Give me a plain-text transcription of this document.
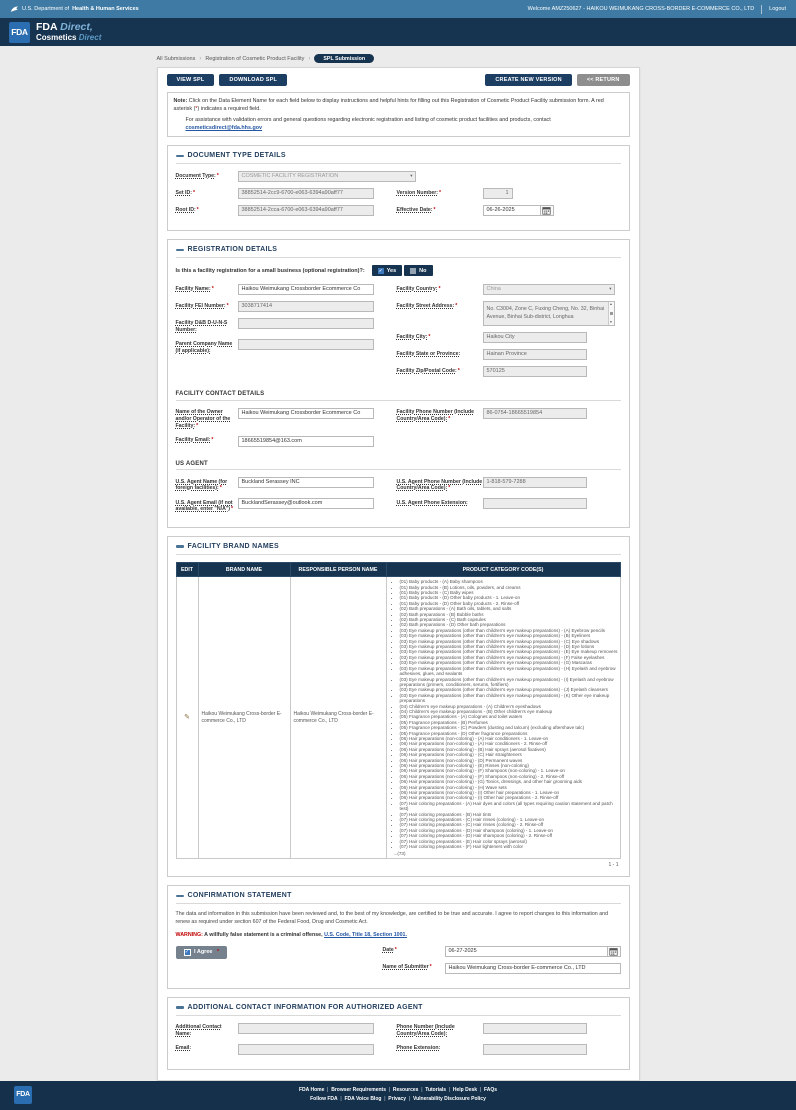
U.S. Department of Health & Human Services	Welcome AMZ250627 - HAIKOU WEIMUKANG CROSS-BORDER E-COMMERCE CO., LTD	Logout
FDA FDA Direct,
Cosmetics Direct
All Submissions › Registration of Cosmetic Product Facility ›	SPL Submission
VIEW SPL	DOWNLOAD SPL	CREATE NEW VERSION	<< RETURN
Note: Click on the Data Element Name for each field below to display instructions and helpful hints for filling out this Registration of Cosmetic Product Facility submission form. A red asterisk (*) indicates a required field.
For assistance with validation errors and general questions regarding electronic registration and listing of cosmetic product facilities and products, contact cosmeticsdirect@fda.hhs.gov
DOCUMENT TYPE DETAILS
Document Type:*	COSMETIC FACILITY REGISTRATION	▾
Set ID:*	38852514-2cc9-6700-e063-6394a90aff77
Root ID:*	38852514-2cca-6700-e063-6394a90aff77
Version Number:*	1
Effective Date:*	06-26-2025
REGISTRATION DETAILS
Is this a facility registration for a small business (optional registration)?:	✓ Yes	No
Facility Name:*	Haikou Weimukang Crossborder Ecommerce Co
Facility FEI Number:*	3038717414
Facility D&B D-U-N-S Number:
Parent Company Name (if applicable):
Facility Country:*	China	▾
Facility Street Address:*
No. C3004, Zone C, Fuxing Cheng, No. 32, Binhai Avenue, Binhai Sub-district, Longhua
▲
▼
Facility City:*	Haikou City
Facility State or Province:	Hainan Province
Facility Zip/Postal Code:*	570125
FACILITY CONTACT DETAILS
Name of the Owner and/or Operator of the Facility:*
Haikou Weimukang Crossborder Ecommerce Co
Facility Email:*	18665519854@163.com
Facility Phone Number (Include Country/Area Code):*
86-0754-18665519854
US AGENT
U.S. Agent Name (for foreign facilities):*
Buckland Serassey INC
U.S. Agent Email (if not available, enter "N/A")*
BucklandSerassey@outlook.com
U.S. Agent Phone Number (Include Country/Area Code):*
1-818-579-7288
U.S. Agent Phone Extension:
FACILITY BRAND NAMES
EDIT	BRAND NAME	RESPONSIBLE PERSON NAME	PRODUCT CATEGORY CODE(S)
✎	Haikou Weimukang Cross-border E-commerce Co., LTD	Haikou Weimukang Cross-border E-commerce Co., LTD	
• (01) Baby products - (A) Baby shampoos
• (01) Baby products - (B) Lotions, oils, powders, and creams
• (01) Baby products - (C) Baby wipes
• (01) Baby products - (D) Other baby products - 1. Leave-on
• (01) Baby products - (D) Other baby products - 2. Rinse-off
• (02) Bath preparations - (A) Bath oils, tablets, and salts
• (02) Bath preparations - (B) Bubble baths
• (02) Bath preparations - (C) Bath capsules
• (02) Bath preparations - (D) Other bath preparations
• (03) Eye makeup preparations (other than children's eye makeup preparations) - (A) Eyebrow pencils
• (03) Eye makeup preparations (other than children's eye makeup preparations) - (B) Eyeliners
• (03) Eye makeup preparations (other than children's eye makeup preparations) - (C) Eye shadows
• (03) Eye makeup preparations (other than children's eye makeup preparations) - (D) Eye lotions
• (03) Eye makeup preparations (other than children's eye makeup preparations) - (E) Eye makeup removers
• (03) Eye makeup preparations (other than children's eye makeup preparations) - (F) False eyelashes
• (03) Eye makeup preparations (other than children's eye makeup preparations) - (G) Mascaras
• (03) Eye makeup preparations (other than children's eye makeup preparations) - (H) Eyelash and eyebrow adhesives, glues, and sealants
• (03) Eye makeup preparations (other than children's eye makeup preparations) - (I) Eyelash and eyebrow preparations (primers, conditioners, serums, fortifiers)
• (03) Eye makeup preparations (other than children's eye makeup preparations) - (J) Eyelash cleansers
• (03) Eye makeup preparations (other than children's eye makeup preparations) - (K) Other eye makeup preparations
• (04) Children's eye makeup preparations - (A) Children's eyeshadows
• (04) Children's eye makeup preparations - (B) Other children's eye makeup
• (05) Fragrance preparations - (A) Colognes and toilet waters
• (05) Fragrance preparations - (B) Perfumes
• (05) Fragrance preparations - (C) Powders (dusting and talcum) (excluding aftershave talc)
• (05) Fragrance preparations - (D) Other fragrance preparations
• (06) Hair preparations (non-coloring) - (A) Hair conditioners - 1. Leave-on
• (06) Hair preparations (non-coloring) - (A) Hair conditioners - 2. Rinse-off
• (06) Hair preparations (non-coloring) - (B) Hair sprays (aerosol fixatives)
• (06) Hair preparations (non-coloring) - (C) Hair straighteners
• (06) Hair preparations (non-coloring) - (D) Permanent waves
• (06) Hair preparations (non-coloring) - (E) Rinses (non-coloring)
• (06) Hair preparations (non-coloring) - (F) Shampoos (non-coloring) - 1. Leave-on
• (06) Hair preparations (non-coloring) - (F) Shampoos (non-coloring) - 2. Rinse-off
• (06) Hair preparations (non-coloring) - (G) Tonics, dressings, and other hair grooming aids
• (06) Hair preparations (non-coloring) - (H) Wave sets
• (06) Hair preparations (non-coloring) - (I) Other hair preparations - 1. Leave-on
• (06) Hair preparations (non-coloring) - (I) Other hair preparations - 2. Rinse-off
• (07) Hair coloring preparations - (A) Hair dyes and colors (all types requiring caution statement and patch test)
• (07) Hair coloring preparations - (B) Hair tints
• (07) Hair coloring preparations - (C) Hair rinses (coloring) - 1. Leave-on
• (07) Hair coloring preparations - (C) Hair rinses (coloring) - 2. Rinse-off
• (07) Hair coloring preparations - (D) Hair shampoos (coloring) - 1. Leave-on
• (07) Hair coloring preparations - (D) Hair shampoos (coloring) - 2. Rinse-off
• (07) Hair coloring preparations - (E) Hair color sprays (aerosol)
• (07) Hair coloring preparations - (F) Hair lighteners with color
...(73)
1 - 1
CONFIRMATION STATEMENT
The data and information in this submission have been reviewed and, to the best of my knowledge, are certified to be true and accurate. I agree to report changes to this information and renew as required under section 607 of the Federal Food, Drug and Cosmetic Act.
WARNING: A willfully false statement is a criminal offense, U.S. Code, Title 18, Section 1001.
✓ I Agree *	Date*	06-27-2025
Name of Submitter*	Haikou Weimukang Cross-border E-commerce Co., LTD
ADDITIONAL CONTACT INFORMATION FOR AUTHORIZED AGENT
Additional Contact Name:
Email:
Phone Number (Include Country/Area Code):
Phone Extension:
FDA
FDA Home |	Browser Requirements |	Resources |	Tutorials |	Help Desk |	FAQs
Follow FDA |	FDA Voice Blog |	Privacy |	Vulnerability Disclosure Policy
